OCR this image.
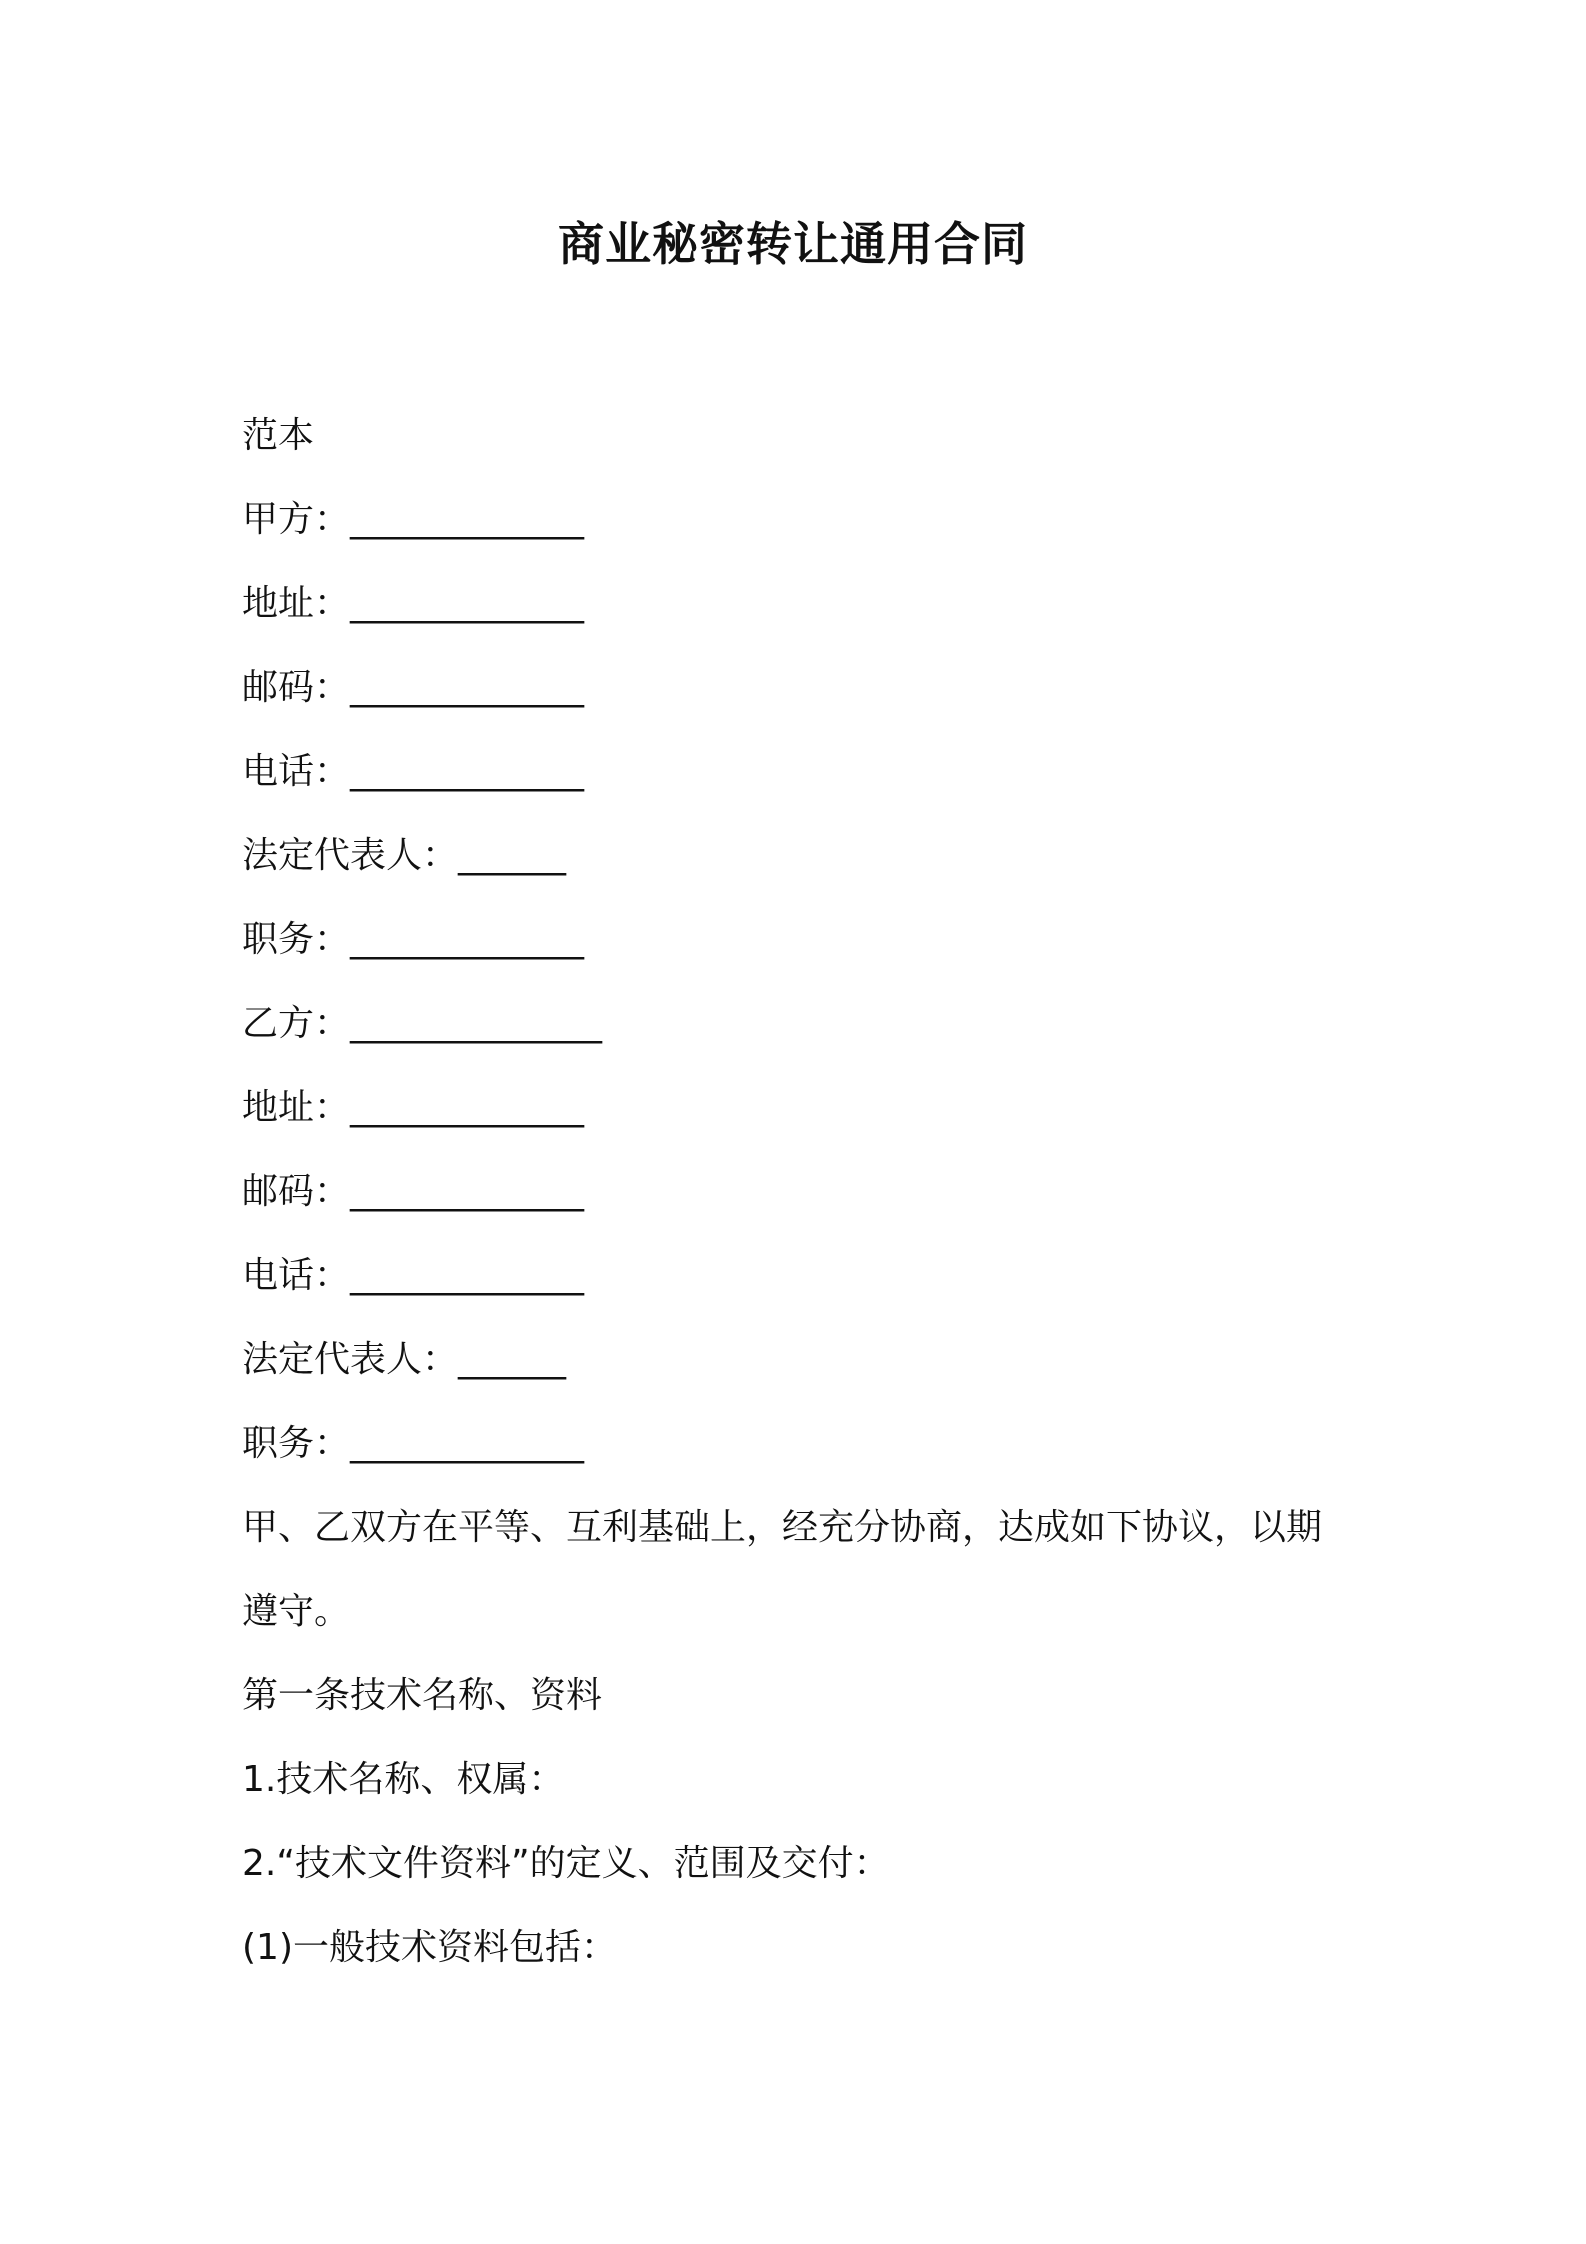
商业秘密转让通用合同
范本
甲方：_____________
地址：_____________
邮码：_____________
电话：_____________
法定代表人：______
职务：_____________
乙方：______________
地址：_____________
邮码：_____________
电话：_____________
法定代表人：______
职务：_____________
甲、乙双方在平等、互利基础上，经充分协商，达成如下协议，以期
遵守。
第一条技术名称、资料
1.技术名称、权属：
2.“技术文件资料”的定义、范围及交付：
(1)一般技术资料包括：
